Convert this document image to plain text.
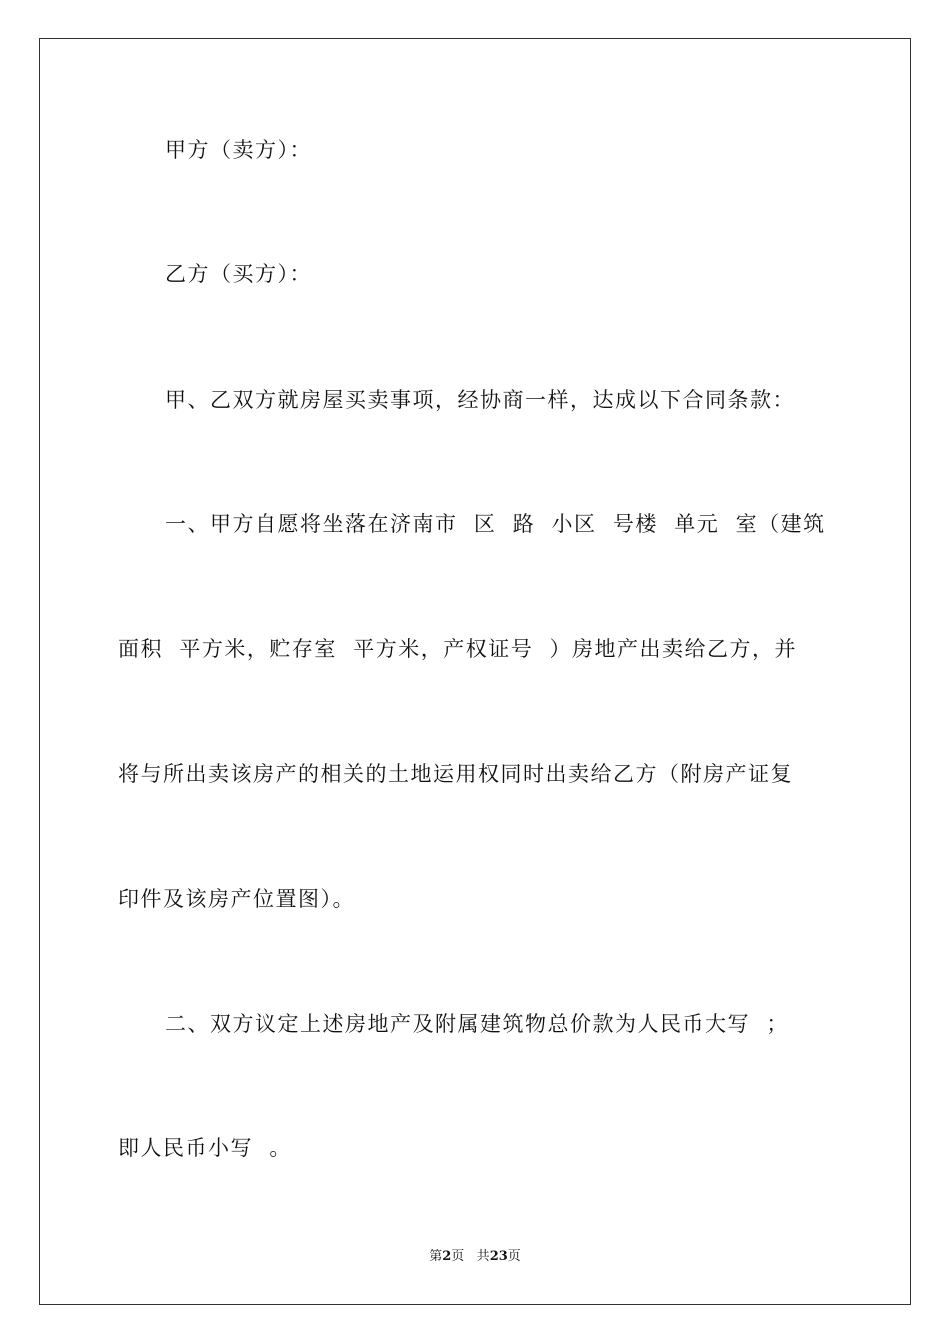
甲方（卖方）：
乙方（买方）：
甲、乙双方就房屋买卖事项，经协商一样，达成以下合同条款：
一、甲方自愿将坐落在济南市  区  路  小区  号楼  单元  室（建筑
面积  平方米，贮存室  平方米，产权证号  ）房地产出卖给乙方，并
将与所出卖该房产的相关的土地运用权同时出卖给乙方（附房产证复
印件及该房产位置图）。
二、双方议定上述房地产及附属建筑物总价款为人民币大写  ；
即人民币小写  。
第2页 共23页
